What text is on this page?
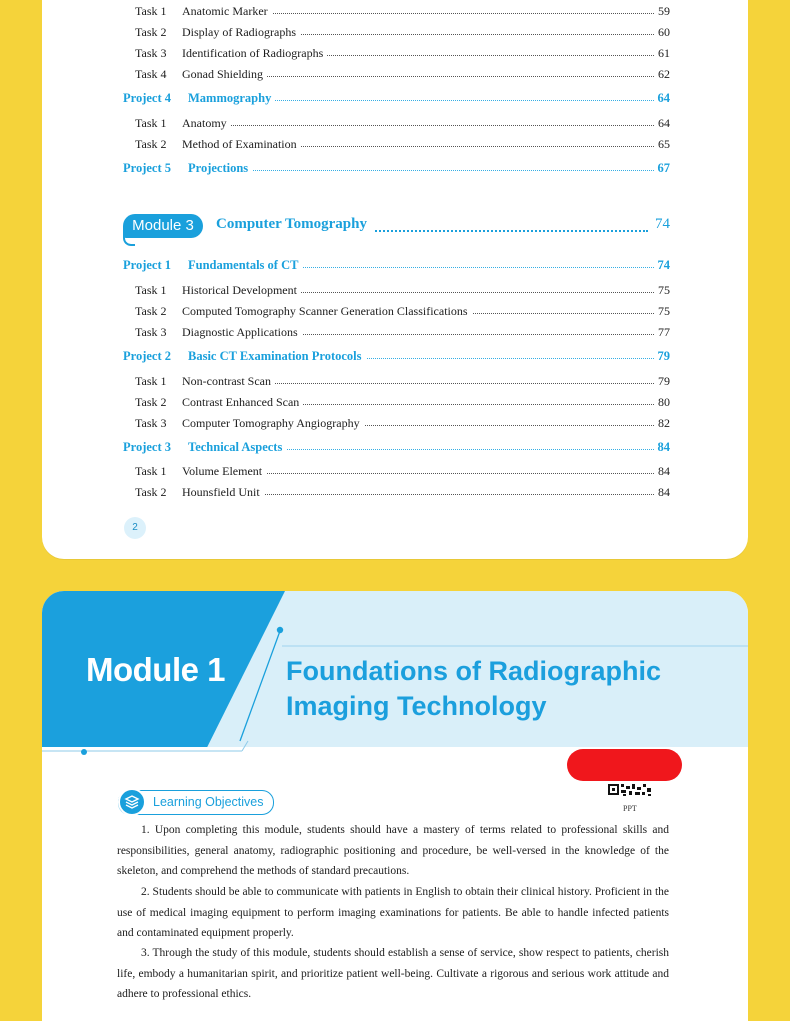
Task 1 Anatomic Marker	59
Task 2 Display of Radiographs	60
Task 3 Identification of Radiographs	61
Task 4 Gonad Shielding	62
Project 4 Mammography	64
Task 1 Anatomy	64
Task 2 Method of Examination	65
Project 5 Projections	67
Module 3	Computer Tomography	74
Project 1 Fundamentals of CT	74
Task 1 Historical Development	75
Task 2 Computed Tomography Scanner Generation Classifications	75
Task 3 Diagnostic Applications	77
Project 2 Basic CT Examination Protocols	79
Task 1 Non-contrast Scan	79
Task 2 Contrast Enhanced Scan	80
Task 3 Computer Tomography Angiography	82
Project 3 Technical Aspects	84
Task 1 Volume Element	84
Task 2 Hounsfield Unit	84
2
Module 1 Foundations of Radiographic
Imaging Technology
PPT
Learning Objectives
1. Upon completing this module, students should have a mastery of terms related to professional skills and responsibilities, general anatomy, radiographic positioning and procedure, be well-versed in the knowledge of the skeleton, and comprehend the methods of standard precautions.
2. Students should be able to communicate with patients in English to obtain their clinical history. Proficient in the use of medical imaging equipment to perform imaging examinations for patients. Be able to handle infected patients and contaminated equipment properly.
3. Through the study of this module, students should establish a sense of service, show respect to patients, cherish life, embody a humanitarian spirit, and prioritize patient well-being. Cultivate a rigorous and serious work attitude and adhere to professional ethics.
